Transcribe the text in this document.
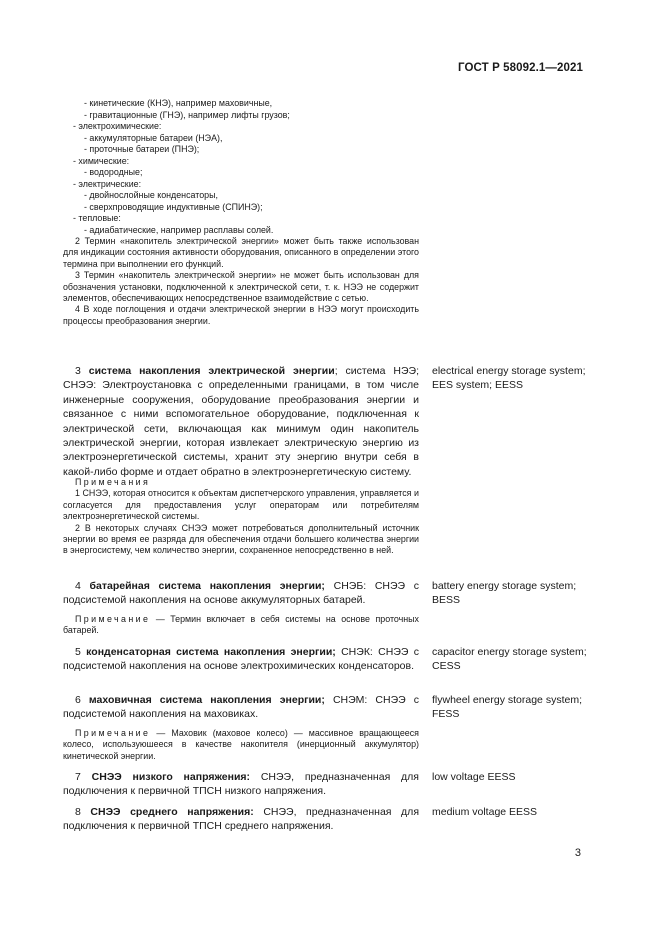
ГОСТ Р 58092.1—2021
- кинетические (КНЭ), например маховичные,
- гравитационные (ГНЭ), например лифты грузов;
- электрохимические:
- аккумуляторные батареи (НЭА),
- проточные батареи (ПНЭ);
- химические:
- водородные;
- электрические:
- двойнослойные конденсаторы,
- сверхпроводящие индуктивные (СПИНЭ);
- тепловые:
- адиабатические, например расплавы солей.
2 Термин «накопитель электрической энергии» может быть также использован для индикации состояния активности оборудования, описанного в определении этого термина при выполнении его функций.
3 Термин «накопитель электрической энергии» не может быть использован для обозначения установки, подключенной к электрической сети, т. к. НЭЭ не содержит элементов, обеспечивающих непосредственное взаимодействие с сетью.
4 В ходе поглощения и отдачи электрической энергии в НЭЭ могут происходить процессы преобразования энергии.
3 система накопления электрической энергии; система НЭЭ; СНЭЭ: Электроустановка с определенными границами, в том числе инженерные сооружения, оборудование преобразования энергии и связанное с ними вспомогательное оборудование, подключенная к электрической сети, включающая как минимум один накопитель электрической энергии, которая извлекает электрическую энергию из электроэнергетической системы, хранит эту энергию внутри себя в какой-либо форме и отдает обратно в электроэнергетическую систему.
electrical energy storage system; EES system; EESS
Примечания
1 СНЭЭ, которая относится к объектам диспетчерского управления, управляется и согласуется для предоставления услуг операторам или потребителям электроэнергетической системы.
2 В некоторых случаях СНЭЭ может потребоваться дополнительный источник энергии во время ее разряда для обеспечения отдачи большего количества энергии в энергосистему, чем количество энергии, сохраненное непосредственно в ней.
4 батарейная система накопления энергии; СНЭБ: СНЭЭ с подсистемой накопления на основе аккумуляторных батарей.
battery energy storage system; BESS
Примечание — Термин включает в себя системы на основе проточных батарей.
5 конденсаторная система накопления энергии; СНЭК: СНЭЭ с подсистемой накопления на основе электрохимических конденсаторов.
capacitor energy storage system; CESS
6 маховичная система накопления энергии; СНЭМ: СНЭЭ с подсистемой накопления на маховиках.
flywheel energy storage system; FESS
Примечание — Маховик (маховое колесо) — массивное вращающееся колесо, используюшееся в качестве накопителя (инерционный аккумулятор) кинетической энергии.
7 СНЭЭ низкого напряжения: СНЭЭ, предназначенная для подключения к первичной ТПСН низкого напряжения.
low voltage EESS
8 СНЭЭ среднего напряжения: СНЭЭ, предназначенная для подключения к первичной ТПСН среднего напряжения.
medium voltage EESS
3
